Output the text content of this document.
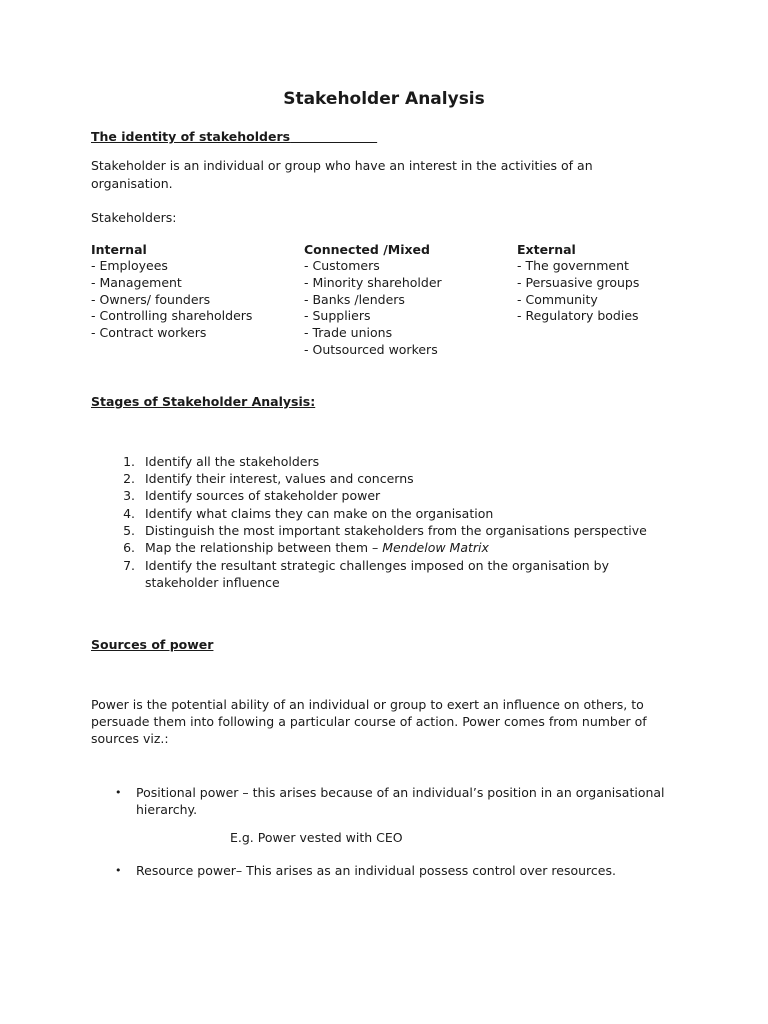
Stakeholder Analysis
The identity of stakeholders
Stakeholder is an individual or group who have an interest in the activities of an
organisation.
Stakeholders:
Internal
- Employees
- Management
- Owners/ founders
- Controlling shareholders
- Contract workers
Connected /Mixed
- Customers
- Minority shareholder
- Banks /lenders
- Suppliers
- Trade unions
- Outsourced workers
External
- The government
- Persuasive groups
- Community
- Regulatory bodies
Stages of Stakeholder Analysis:
1. Identify all the stakeholders
2. Identify their interest, values and concerns
3. Identify sources of stakeholder power
4. Identify what claims they can make on the organisation
5. Distinguish the most important stakeholders from the organisations perspective
6. Map the relationship between them – Mendelow Matrix
7. Identify the resultant strategic challenges imposed on the organisation by
stakeholder influence
Sources of power
Power is the potential ability of an individual or group to exert an influence on others, to
persuade them into following a particular course of action. Power comes from number of
sources viz.:
•	Positional power – this arises because of an individual’s position in an organisational
hierarchy.
E.g. Power vested with CEO
•	Resource power– This arises as an individual possess control over resources.
